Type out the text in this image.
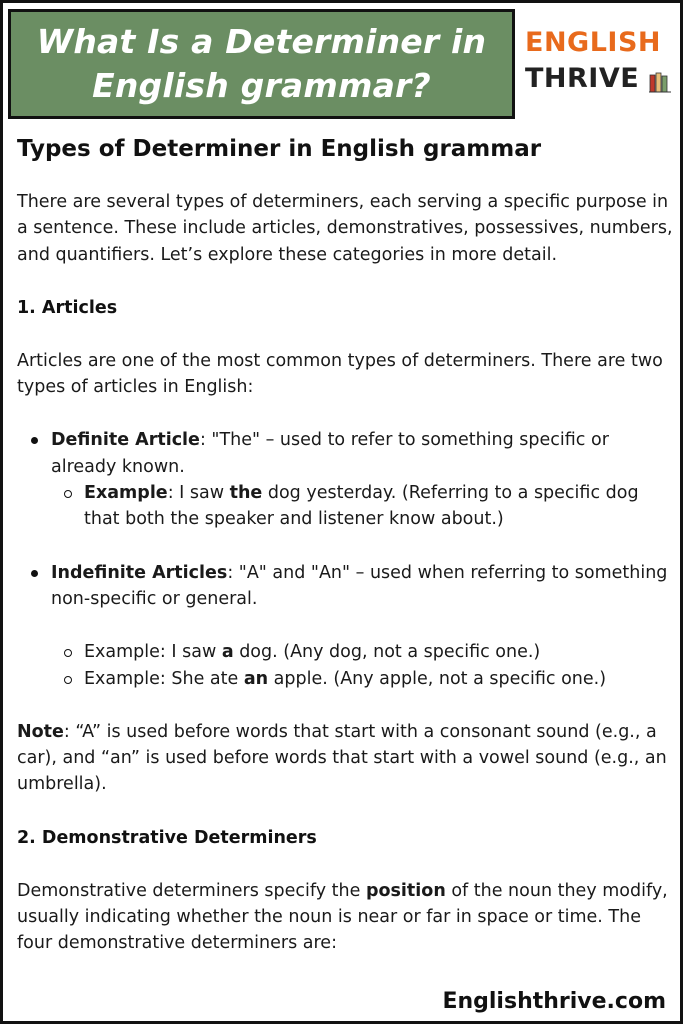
What Is a Determiner in
English grammar?
ENGLISH
THRIVE
Types of Determiner in English grammar

There are several types of determiners, each serving a specific purpose in a sentence. These include articles, demonstratives, possessives, numbers, and quantifiers. Let’s explore these categories in more detail.

1. Articles

Articles are one of the most common types of determiners. There are two types of articles in English:

Definite Article: "The" – used to refer to something specific or already known.
Example: I saw the dog yesterday. (Referring to a specific dog that both the speaker and listener know about.)
Indefinite Articles: "A" and "An" – used when referring to something non-specific or general.
Example: I saw a dog. (Any dog, not a specific one.)
Example: She ate an apple. (Any apple, not a specific one.)

Note: “A” is used before words that start with a consonant sound (e.g., a car), and “an” is used before words that start with a vowel sound (e.g., an umbrella).

2. Demonstrative Determiners

Demonstrative determiners specify the position of the noun they modify, usually indicating whether the noun is near or far in space or time. The four demonstrative determiners are:

Englishthrive.com
